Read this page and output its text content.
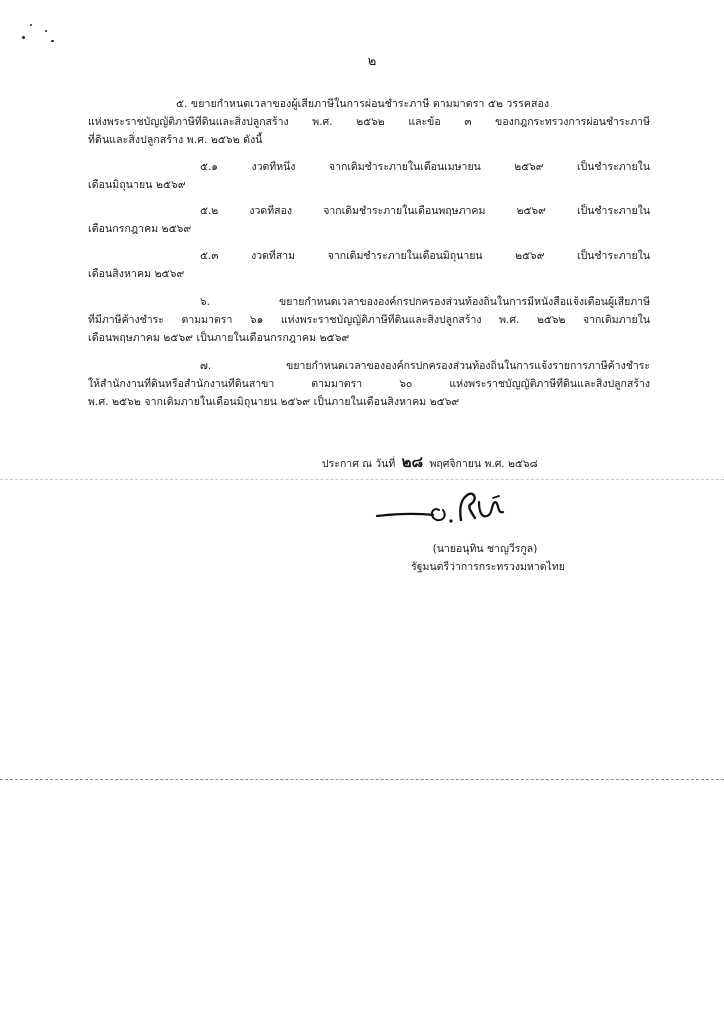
๒
๕. ขยายกำหนดเวลาของผู้เสียภาษีในการผ่อนชำระภาษี ตามมาตรา ๕๒ วรรคสอง
แห่งพระราชบัญญัติภาษีที่ดินและสิ่งปลูกสร้าง พ.ศ. ๒๕๖๒ และข้อ ๓ ของกฎกระทรวงการผ่อนชำระภาษี
ที่ดินและสิ่งปลูกสร้าง พ.ศ. ๒๕๖๒ ดังนี้
๕.๑ งวดที่หนึ่ง จากเดิมชำระภายในเดือนเมษายน ๒๕๖๙ เป็นชำระภายใน
เดือนมิถุนายน ๒๕๖๙
๕.๒ งวดที่สอง จากเดิมชำระภายในเดือนพฤษภาคม ๒๕๖๙ เป็นชำระภายใน
เดือนกรกฎาคม ๒๕๖๙
๕.๓ งวดที่สาม จากเดิมชำระภายในเดือนมิถุนายน ๒๕๖๙ เป็นชำระภายใน
เดือนสิงหาคม ๒๕๖๙
๖. ขยายกำหนดเวลาขององค์กรปกครองส่วนท้องถิ่นในการมีหนังสือแจ้งเตือนผู้เสียภาษี
ที่มีภาษีค้างชำระ ตามมาตรา ๖๑ แห่งพระราชบัญญัติภาษีที่ดินและสิ่งปลูกสร้าง พ.ศ. ๒๕๖๒ จากเดิมภายใน
เดือนพฤษภาคม ๒๕๖๙ เป็นภายในเดือนกรกฎาคม ๒๕๖๙
๗. ขยายกำหนดเวลาขององค์กรปกครองส่วนท้องถิ่นในการแจ้งรายการภาษีค้างชำระ
ให้สำนักงานที่ดินหรือสำนักงานที่ดินสาขา ตามมาตรา ๖๐ แห่งพระราชบัญญัติภาษีที่ดินและสิ่งปลูกสร้าง
พ.ศ. ๒๕๖๒ จากเดิมภายในเดือนมิถุนายน ๒๕๖๙ เป็นภายในเดือนสิงหาคม ๒๕๖๙
ประกาศ ณ วันที่ ๒๘ พฤศจิกายน พ.ศ. ๒๕๖๘
(นายอนุทิน ชาญวีรกูล)
รัฐมนตรีว่าการกระทรวงมหาดไทย
